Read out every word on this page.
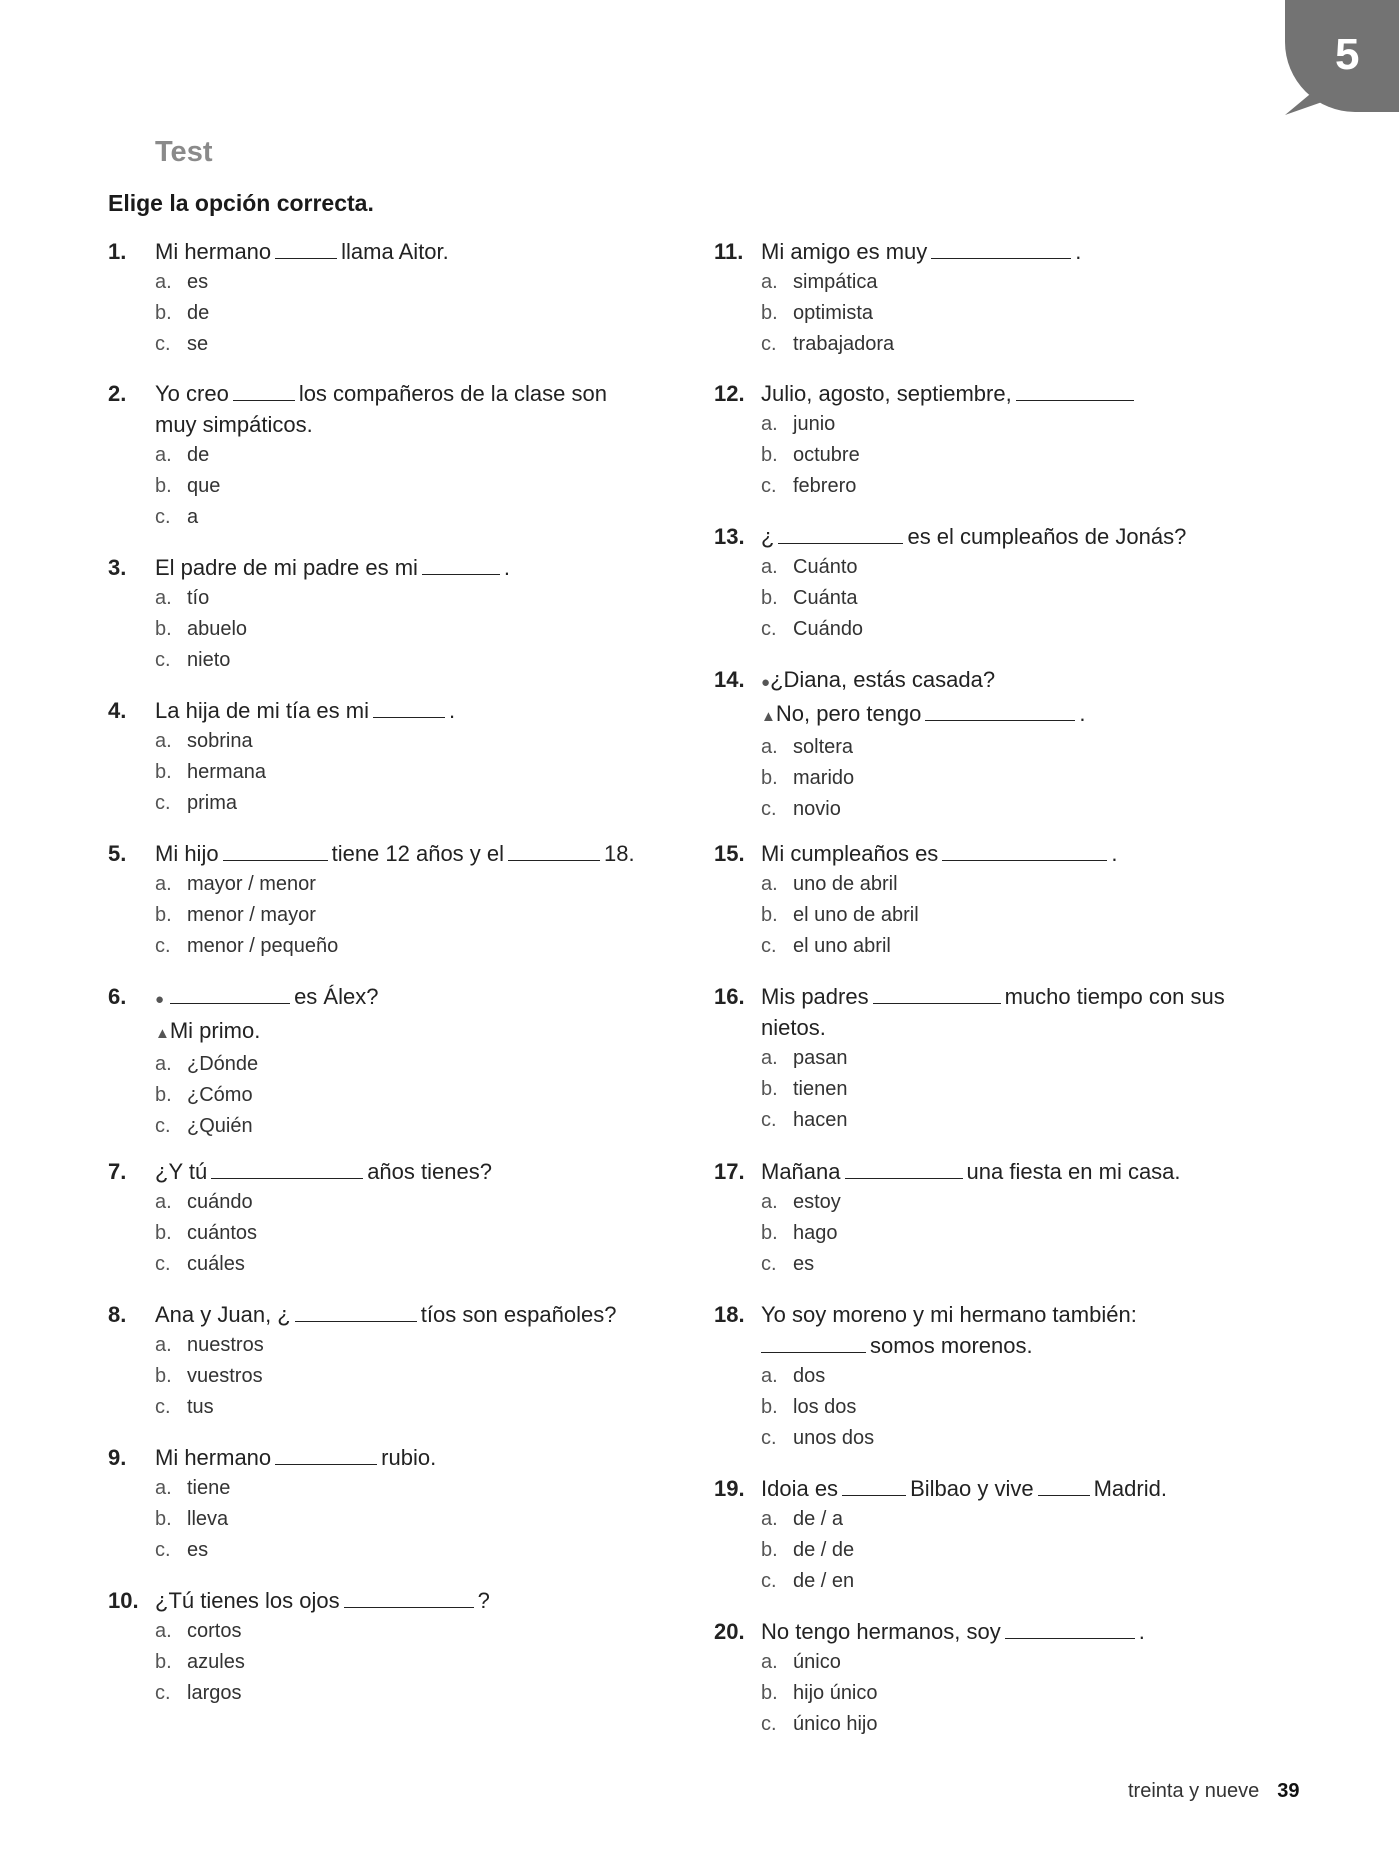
5
Test
Elige la opción correcta.
1.	Mi hermano	llama Aitor.
a. es
b. de
c. se
2.	Yo creo	los compañeros de la clase son muy simpáticos.
a. de
b. que
c. a
3.	El padre de mi padre es mi	.
a. tío
b. abuelo
c. nieto
4.	La hija de mi tía es mi	.
a. sobrina
b. hermana
c. prima
5.	Mi hijo	tiene 12 años y el	18.
a. mayor / menor
b. menor / mayor
c. menor / pequeño
6.	●	es Álex?
▲Mi primo.
a. ¿Dónde
b. ¿Cómo
c. ¿Quién
7.	¿Y tú	años tienes?
a. cuándo
b. cuántos
c. cuáles
8.	Ana y Juan, ¿	tíos son españoles?
a. nuestros
b. vuestros
c. tus
9.	Mi hermano	rubio.
a. tiene
b. lleva
c. es
10. ¿Tú tienes los ojos	?
a. cortos
b. azules
c. largos
11. Mi amigo es muy	.
a. simpática
b. optimista
c. trabajadora
12. Julio, agosto, septiembre,
a. junio
b. octubre
c. febrero
13. ¿	es el cumpleaños de Jonás?
a. Cuánto
b. Cuánta
c. Cuándo
14.	●¿Diana, estás casada?
▲No, pero tengo	.
a. soltera
b. marido
c. novio
15. Mi cumpleaños es	.
a. uno de abril
b. el uno de abril
c. el uno abril
16. Mis padres	mucho tiempo con sus nietos.
a. pasan
b. tienen
c. hacen
17. Mañana	una fiesta en mi casa.
a. estoy
b. hago
c. es
18. Yo soy moreno y mi hermano también:
somos morenos.
a. dos
b. los dos
c. unos dos
19. Idoia es	Bilbao y vive	Madrid.
a. de / a
b. de / de
c. de / en
20. No tengo hermanos, soy	.
a. único
b. hijo único
c. único hijo
treinta y nueve 39
